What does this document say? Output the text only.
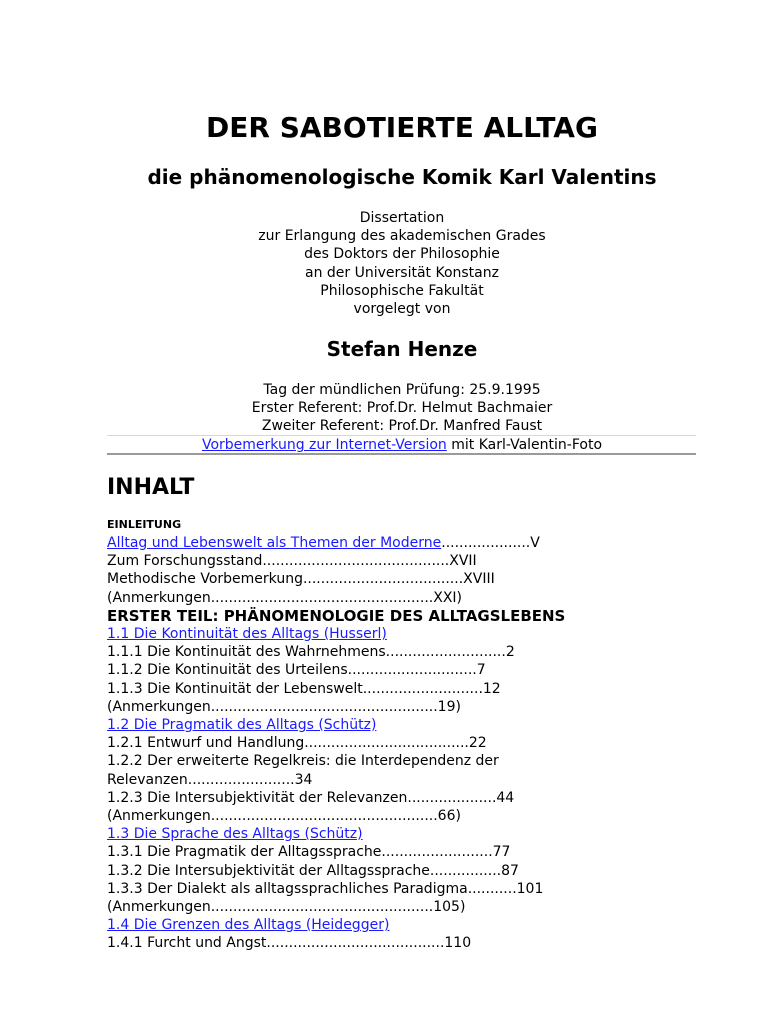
DER SABOTIERTE ALLTAG
die phänomenologische Komik Karl Valentins
Dissertation
zur Erlangung des akademischen Grades
des Doktors der Philosophie
an der Universität Konstanz
Philosophische Fakultät
vorgelegt von
Stefan Henze
Tag der mündlichen Prüfung: 25.9.1995
Erster Referent: Prof.Dr. Helmut Bachmaier
Zweiter Referent: Prof.Dr. Manfred Faust
Vorbemerkung zur Internet-Version mit Karl-Valentin-Foto
INHALT
EINLEITUNG
Alltag und Lebenswelt als Themen der Moderne....................V
Zum Forschungsstand..........................................XVII
Methodische Vorbemerkung....................................XVIII
(Anmerkungen..................................................XXI)
ERSTER TEIL: PHÄNOMENOLOGIE DES ALLTAGSLEBENS
1.1 Die Kontinuität des Alltags (Husserl)
1.1.1 Die Kontinuität des Wahrnehmens...........................2
1.1.2 Die Kontinuität des Urteilens.............................7
1.1.3 Die Kontinuität der Lebenswelt...........................12
(Anmerkungen...................................................19)
1.2 Die Pragmatik des Alltags (Schütz)
1.2.1 Entwurf und Handlung.....................................22
1.2.2 Der erweiterte Regelkreis: die Interdependenz der
Relevanzen........................34
1.2.3 Die Intersubjektivität der Relevanzen....................44
(Anmerkungen...................................................66)
1.3 Die Sprache des Alltags (Schütz)
1.3.1 Die Pragmatik der Alltagssprache.........................77
1.3.2 Die Intersubjektivität der Alltagssprache................87
1.3.3 Der Dialekt als alltagssprachliches Paradigma...........101
(Anmerkungen..................................................105)
1.4 Die Grenzen des Alltags (Heidegger)
1.4.1 Furcht und Angst........................................110
